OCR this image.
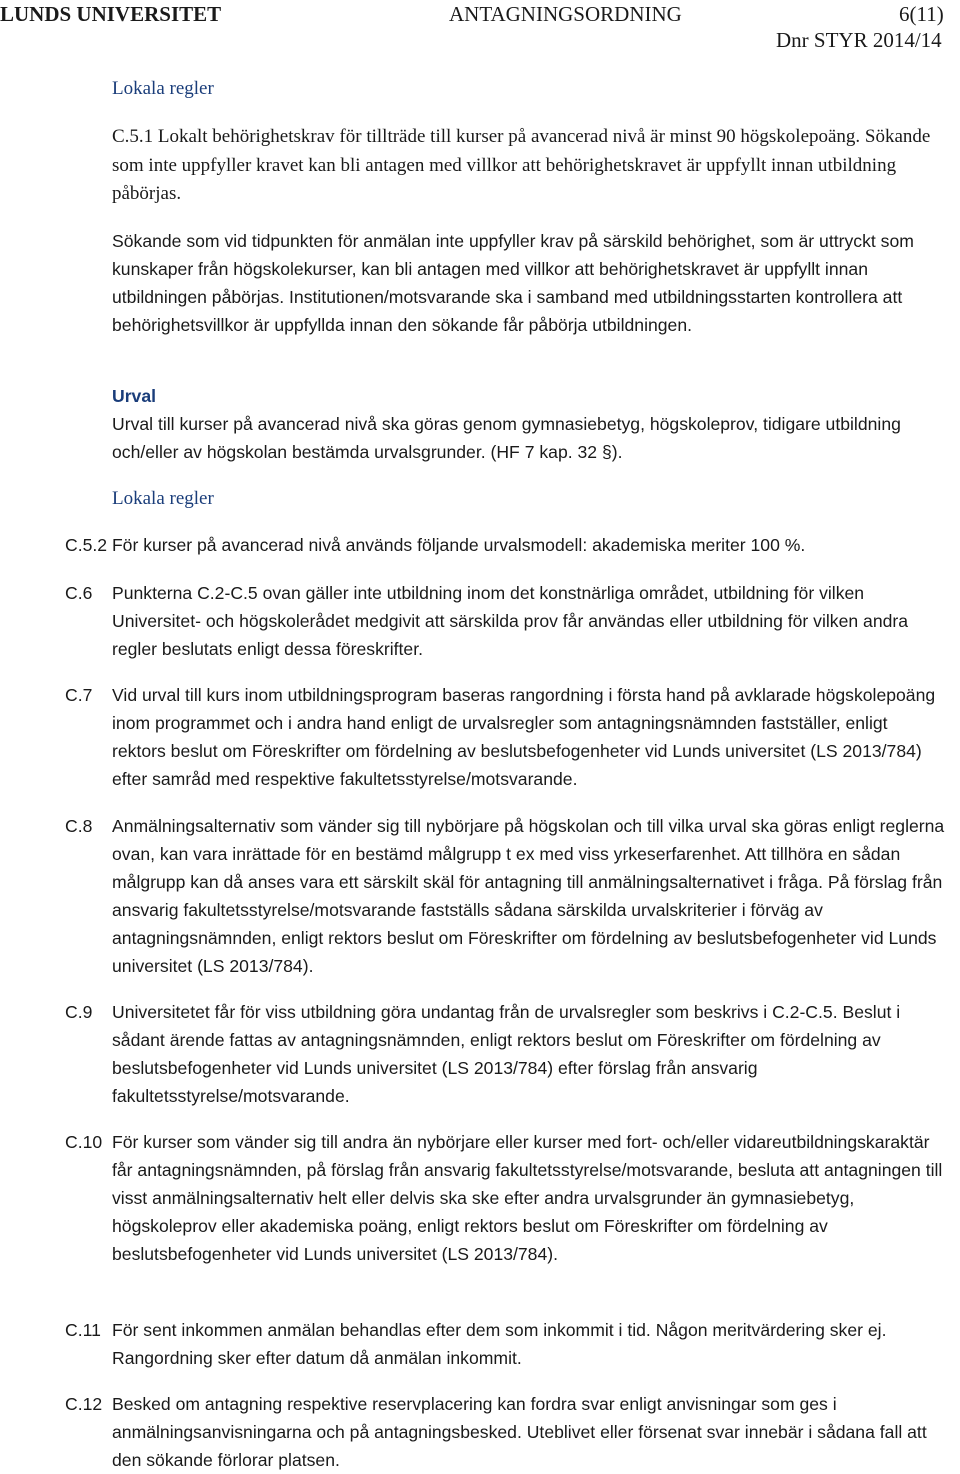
LUNDS UNIVERSITET	ANTAGNINGSORDNING	6(11)
Dnr STYR 2014/14
Lokala regler
C.5.1 Lokalt behörighetskrav för tillträde till kurser på avancerad nivå är minst 90 högskolepoäng. Sökande som inte uppfyller kravet kan bli antagen med villkor att behörighetskravet är uppfyllt innan utbildning påbörjas.
Sökande som vid tidpunkten för anmälan inte uppfyller krav på särskild behörighet, som är uttryckt som kunskaper från högskolekurser, kan bli antagen med villkor att behörighetskravet är uppfyllt innan utbildningen påbörjas. Institutionen/motsvarande ska i samband med utbildningsstarten kontrollera att behörighetsvillkor är uppfyllda innan den sökande får påbörja utbildningen.
Urval
Urval till kurser på avancerad nivå ska göras genom gymnasiebetyg, högskoleprov, tidigare utbildning och/eller av högskolan bestämda urvalsgrunder. (HF 7 kap. 32 §).
Lokala regler
C.5.2 För kurser på avancerad nivå används följande urvalsmodell: akademiska meriter 100 %.
C.6 Punkterna C.2-C.5 ovan gäller inte utbildning inom det konstnärliga området, utbildning för vilken Universitet- och högskolerådet medgivit att särskilda prov får användas eller utbildning för vilken andra regler beslutats enligt dessa föreskrifter.
C.7 Vid urval till kurs inom utbildningsprogram baseras rangordning i första hand på avklarade högskolepoäng inom programmet och i andra hand enligt de urvalsregler som antagningsnämnden fastställer, enligt rektors beslut om Föreskrifter om fördelning av beslutsbefogenheter vid Lunds universitet (LS 2013/784) efter samråd med respektive fakultetsstyrelse/motsvarande.
C.8 Anmälningsalternativ som vänder sig till nybörjare på högskolan och till vilka urval ska göras enligt reglerna ovan, kan vara inrättade för en bestämd målgrupp t ex med viss yrkeserfarenhet. Att tillhöra en sådan målgrupp kan då anses vara ett särskilt skäl för antagning till anmälningsalternativet i fråga. På förslag från ansvarig fakultetsstyrelse/motsvarande fastställs sådana särskilda urvalskriterier i förväg av antagningsnämnden, enligt rektors beslut om Föreskrifter om fördelning av beslutsbefogenheter vid Lunds universitet (LS 2013/784).
C.9 Universitetet får för viss utbildning göra undantag från de urvalsregler som beskrivs i C.2-C.5. Beslut i sådant ärende fattas av antagningsnämnden, enligt rektors beslut om Föreskrifter om fördelning av beslutsbefogenheter vid Lunds universitet (LS 2013/784) efter förslag från ansvarig fakultetsstyrelse/motsvarande.
C.10 För kurser som vänder sig till andra än nybörjare eller kurser med fort- och/eller vidareutbildningskaraktär får antagningsnämnden, på förslag från ansvarig fakultetsstyrelse/motsvarande, besluta att antagningen till visst anmälningsalternativ helt eller delvis ska ske efter andra urvalsgrunder än gymnasiebetyg, högskoleprov eller akademiska poäng, enligt rektors beslut om Föreskrifter om fördelning av beslutsbefogenheter vid Lunds universitet (LS 2013/784).
C.11 För sent inkommen anmälan behandlas efter dem som inkommit i tid. Någon meritvärdering sker ej. Rangordning sker efter datum då anmälan inkommit.
C.12 Besked om antagning respektive reservplacering kan fordra svar enligt anvisningar som ges i anmälningsanvisningarna och på antagningsbesked. Uteblivet eller försenat svar innebär i sådana fall att den sökande förlorar platsen.
